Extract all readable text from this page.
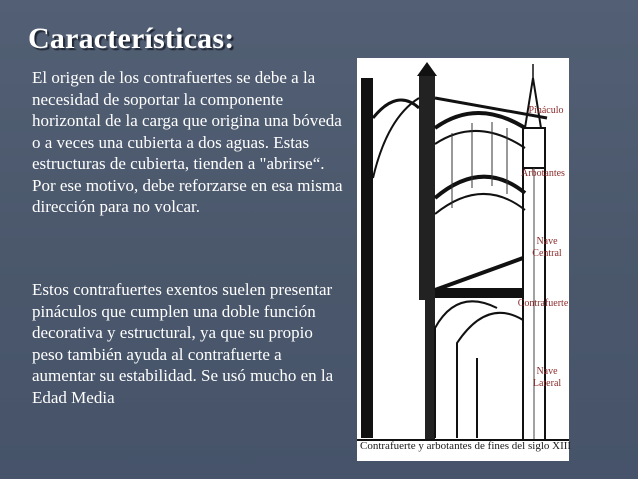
Características:
El origen de los contrafuertes se debe a la necesidad de soportar la componente horizontal de la carga que origina una bóveda o a veces una cubierta a dos aguas. Estas estructuras de cubierta, tienden a "abrirse“. Por ese motivo, debe reforzarse en esa misma dirección para no volcar.
Estos contrafuertes exentos suelen presentar pináculos que cumplen una doble función decorativa y estructural, ya que su propio peso también ayuda al contrafuerte a aumentar su estabilidad. Se usó mucho en la Edad Media
Pináculo
Arbotantes
Nave
Central
Contrafuerte
Nave
Lateral
Contrafuerte y arbotantes de fines del siglo XIII
